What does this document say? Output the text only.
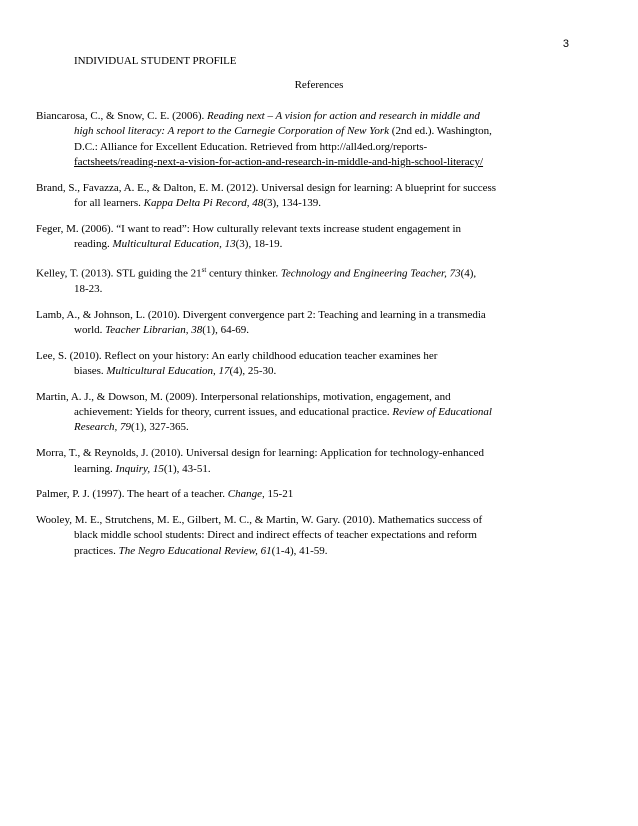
3
INDIVIDUAL STUDENT PROFILE
References
Biancarosa, C., & Snow, C. E. (2006). Reading next – A vision for action and research in middle and
high school literacy: A report to the Carnegie Corporation of New York (2nd ed.). Washington,
D.C.: Alliance for Excellent Education. Retrieved from http://all4ed.org/reports-
factsheets/reading-next-a-vision-for-action-and-research-in-middle-and-high-school-literacy/
Brand, S., Favazza, A. E., & Dalton, E. M. (2012). Universal design for learning: A blueprint for success
for all learners. Kappa Delta Pi Record, 48(3), 134-139.
Feger, M. (2006). “I want to read”: How culturally relevant texts increase student engagement in
reading. Multicultural Education, 13(3), 18-19.
Kelley, T. (2013). STL guiding the 21st century thinker. Technology and Engineering Teacher, 73(4),
18-23.
Lamb, A., & Johnson, L. (2010). Divergent convergence part 2: Teaching and learning in a transmedia
world. Teacher Librarian, 38(1), 64-69.
Lee, S. (2010). Reflect on your history: An early childhood education teacher examines her
biases. Multicultural Education, 17(4), 25-30.
Martin, A. J., & Dowson, M. (2009). Interpersonal relationships, motivation, engagement, and
achievement: Yields for theory, current issues, and educational practice. Review of Educational
Research, 79(1), 327-365.
Morra, T., & Reynolds, J. (2010). Universal design for learning: Application for technology-enhanced
learning. Inquiry, 15(1), 43-51.
Palmer, P. J. (1997). The heart of a teacher. Change, 15-21
Wooley, M. E., Strutchens, M. E., Gilbert, M. C., & Martin, W. Gary. (2010). Mathematics success of
black middle school students: Direct and indirect effects of teacher expectations and reform
practices. The Negro Educational Review, 61(1-4), 41-59.
